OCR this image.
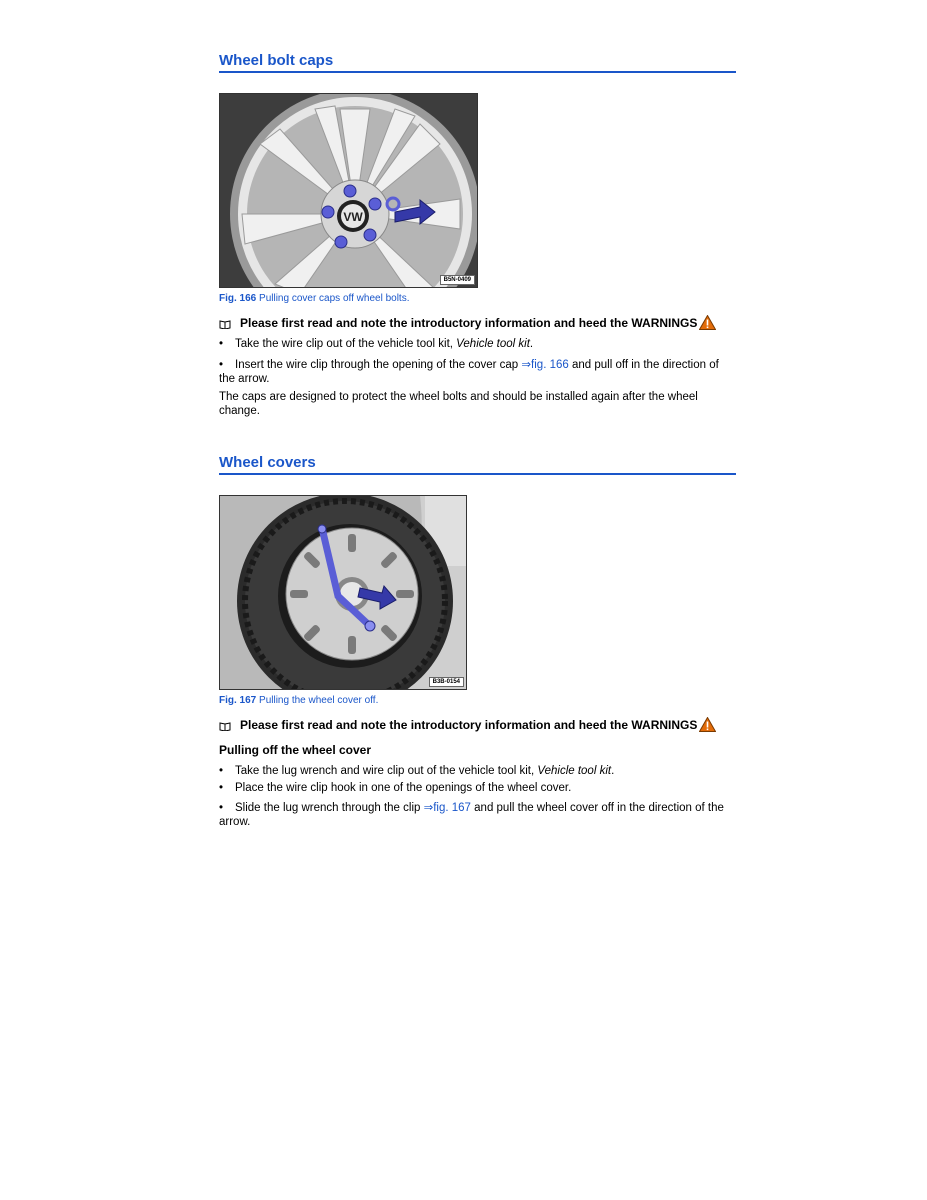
Wheel bolt caps
VW
B5N-0409
Fig. 166 Pulling cover caps off wheel bolts.
Please first read and note the introductory information and heed the WARNINGS
• Take the wire clip out of the vehicle tool kit, Vehicle tool kit.
• Insert the wire clip through the opening of the cover cap ⇒fig. 166 and pull off in the direction of the arrow.
The caps are designed to protect the wheel bolts and should be installed again after the wheel change.
Wheel covers
B3B-0154
Fig. 167 Pulling the wheel cover off.
Please first read and note the introductory information and heed the WARNINGS
Pulling off the wheel cover
• Take the lug wrench and wire clip out of the vehicle tool kit, Vehicle tool kit.
• Place the wire clip hook in one of the openings of the wheel cover.
• Slide the lug wrench through the clip ⇒fig. 167 and pull the wheel cover off in the direction of the arrow.
